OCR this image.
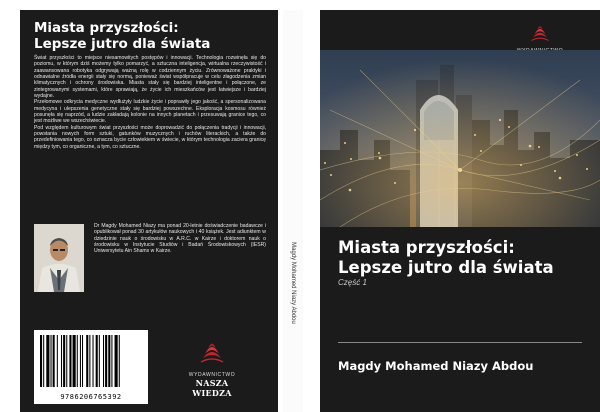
Miasta przyszłości:
Lepsze jutro dla świata

Świat przyszłości to miejsce niesamowitych postępów i innowacji. Technologia rozwinęła się do poziomu, w którym dziś możemy tylko pomarzyć, a sztuczna inteligencja, wirtualna rzeczywistość i zaawansowana robotyka odgrywają ważną rolę w codziennym życiu. Zrównoważone praktyki i odnawialne źródła energii stały się normą, ponieważ świat współpracuje w celu złagodzenia zmian klimatycznych i ochrony środowiska. Miasta stały się bardziej inteligentne i połączone, ze zintegrowanymi systemami, które sprawiają, że życie ich mieszkańców jest łatwiejsze i bardziej wydajne.

Przełomowe odkrycia medyczne wydłużyły ludzkie życie i poprawiły jego jakość, a spersonalizowana medycyna i ulepszenia genetyczne stały się bardziej powszechne. Eksploracja kosmosu również posunęła się naprzód, a ludzie zakładają kolonie na innych planetach i przesuwają granice tego, co jest możliwe we wszechświecie.

Pod względem kulturowym świat przyszłości może doprowadzić do połączenia tradycji i innowacji, powstania nowych form sztuki, gatunków muzycznych i ruchów literackich, a także do przedefiniowania tego, co oznacza bycie człowiekiem w świecie, w którym technologia zaciera granicę między tym, co organiczne, a tym, co sztuczne.

Dr Magdy Mohamed Niazy ma ponad 20-letnie doświadczenie badawcze i opublikował ponad 30 artykułów naukowych i 40 książek. Jest adiunktem w dziedzinie nauk o środowisku w A.R.C. w Kairze i doktorem nauk o środowisku w Instytucie Studiów i Badań Środowiskowych (IESR) Uniwersytetu Ain Shams w Kairze.
9786206765392
WYDAWNICTWO
NASZA WIEDZA
Magdy Mohamed Niazy Abdou	Miasta przyszłości:
Lepsze jutro dla świata
Część 1
Magdy Mohamed Niazy Abdou
